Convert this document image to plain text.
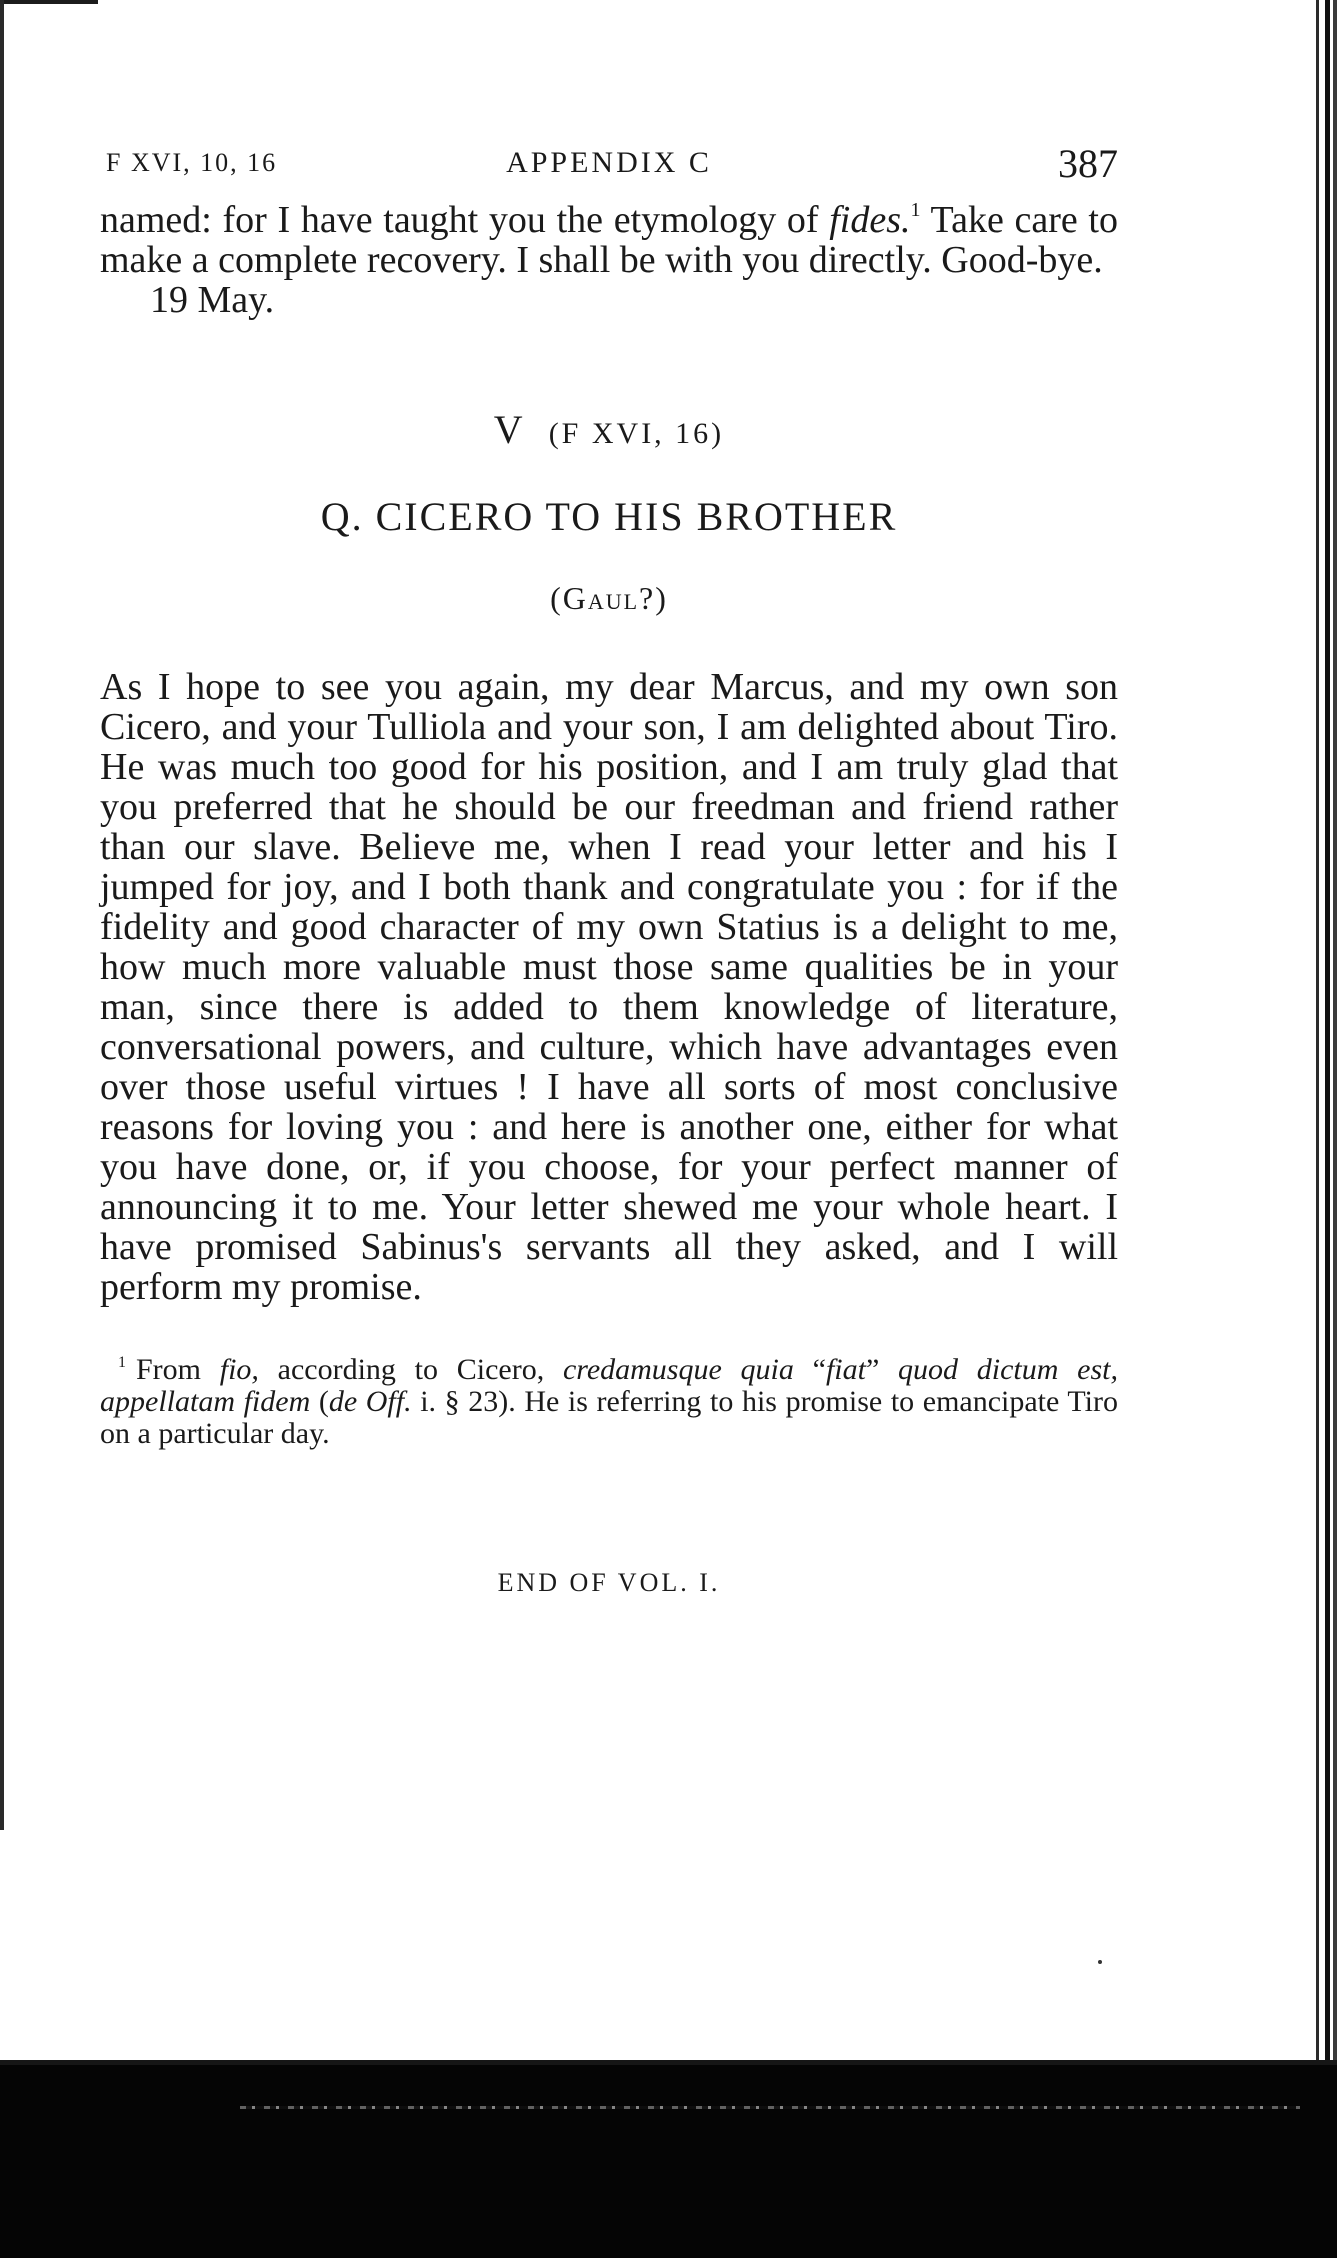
F XVI, 10, 16	APPENDIX C	387

named: for I have taught you the etymology of fides.$^1$ Take care to make a complete recovery. I shall be with you directly. Good-bye.
19 May.

V (F XVI, 16)
Q. CICERO TO HIS BROTHER
(Gaul?)

As I hope to see you again, my dear Marcus, and my own son Cicero, and your Tulliola and your son, I am delighted about Tiro. He was much too good for his position, and I am truly glad that you preferred that he should be our freedman and friend rather than our slave. Believe me, when I read your letter and his I jumped for joy, and I both thank and congratulate you : for if the fidelity and good character of my own Statius is a delight to me, how much more valuable must those same qualities be in your man, since there is added to them knowledge of literature, conversational powers, and culture, which have advantages even over those useful virtues ! I have all sorts of most conclusive reasons for loving you : and here is another one, either for what you have done, or, if you choose, for your perfect manner of announcing it to me. Your letter shewed me your whole heart. I have promised Sabinus's servants all they asked, and I will perform my promise.

$^1$ From fio, according to Cicero, credamusque quia “fiat” quod dictum est, appellatam fidem (de Off. i. § 23). He is referring to his promise to emancipate Tiro on a particular day.

END OF VOL. I.
